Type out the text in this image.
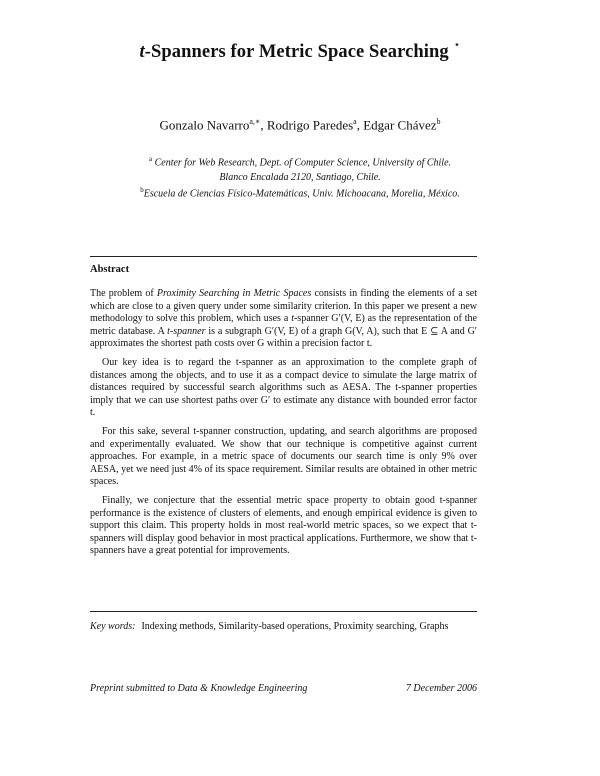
t-Spanners for Metric Space Searching ⋆
Gonzalo Navarro$^{a,∗}$, Rodrigo Paredes$^a$, Edgar Chávez$^b$
$^a$ Center for Web Research, Dept. of Computer Science, University of Chile.
Blanco Encalada 2120, Santiago, Chile.
$^b$Escuela de Ciencias Físico-Matemáticas, Univ. Michoacana, Morelia, México.
Abstract

The problem of Proximity Searching in Metric Spaces consists in finding the elements of a set which are close to a given query under some similarity criterion. In this paper we present a new methodology to solve this problem, which uses a t-spanner G′(V, E) as the representation of the metric database. A t-spanner is a subgraph G′(V, E) of a graph G(V, A), such that E ⊆ A and G′ approximates the shortest path costs over G within a precision factor t.

Our key idea is to regard the t-spanner as an approximation to the complete graph of distances among the objects, and to use it as a compact device to simulate the large matrix of distances required by successful search algorithms such as AESA. The t-spanner properties imply that we can use shortest paths over G′ to estimate any distance with bounded error factor t.

For this sake, several t-spanner construction, updating, and search algorithms are proposed and experimentally evaluated. We show that our technique is competitive against current approaches. For example, in a metric space of documents our search time is only 9% over AESA, yet we need just 4% of its space requirement. Similar results are obtained in other metric spaces.

Finally, we conjecture that the essential metric space property to obtain good t-spanner performance is the existence of clusters of elements, and enough empirical evidence is given to support this claim. This property holds in most real-world metric spaces, so we expect that t-spanners will display good behavior in most practical applications. Furthermore, we show that t-spanners have a great potential for improvements.

Key words: Indexing methods, Similarity-based operations, Proximity searching, Graphs
Preprint submitted to Data & Knowledge Engineering	7 December 2006
